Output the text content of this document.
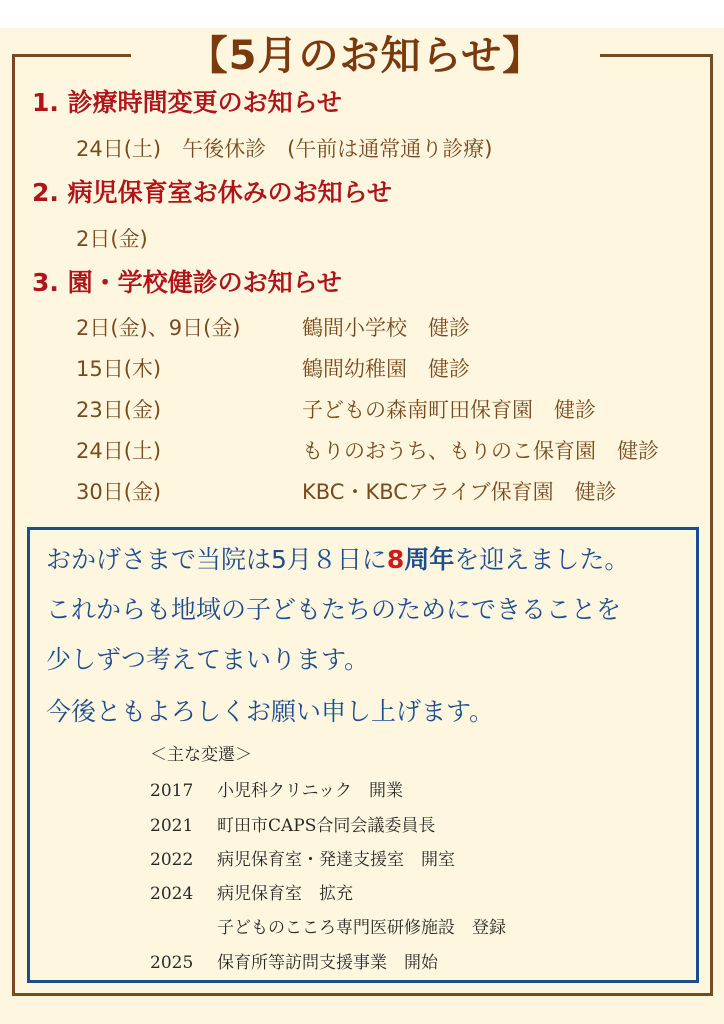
【5月のお知らせ】
1. 診療時間変更のお知らせ
24日(土)　午後休診　(午前は通常通り診療)
2. 病児保育室お休みのお知らせ
2日(金)
3. 園・学校健診のお知らせ
2日(金)、9日(金)	鶴間小学校　健診
15日(木)	鶴間幼稚園　健診
23日(金)	子どもの森南町田保育園　健診
24日(土)	もりのおうち、もりのこ保育園　健診
30日(金)	KBC・KBCアライブ保育園　健診
おかげさまで当院は5月８日に8周年を迎えました。
これからも地域の子どもたちのためにできることを
少しずつ考えてまいります。
今後ともよろしくお願い申し上げます。
＜主な変遷＞
2017 小児科クリニック　開業
2021 町田市CAPS合同会議委員長
2022 病児保育室・発達支援室　開室
2024 病児保育室　拡充
子どものこころ専門医研修施設　登録
2025 保育所等訪問支援事業　開始
